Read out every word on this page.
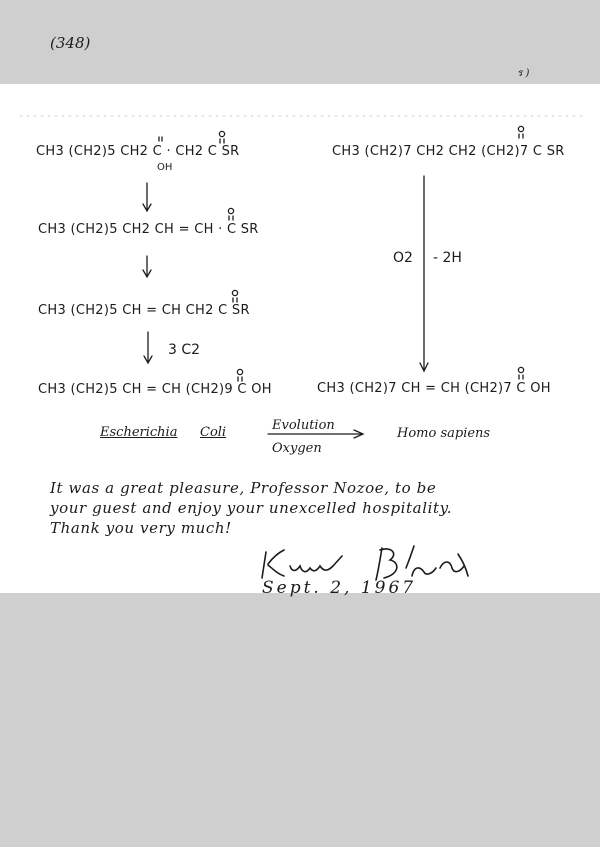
(348)
ร )
CH3 (CH2)5 CH2 C · CH2 C SR
OH
CH3 (CH2)5 CH2 CH = CH · C SR
CH3 (CH2)5 CH = CH CH2 C SR
CH3 (CH2)5 CH = CH (CH2)9 C OH
3 C2
CH3 (CH2)7 CH2 CH2 (CH2)7 C SR
CH3 (CH2)7 CH = CH (CH2)7 C OH
O2 - 2H
Escherichia Coli	Evolution
Oxygen
Homo sapiens
It was a great pleasure, Professor Nozoe, to be
your guest and enjoy your unexcelled hospitality.
Thank you very much!
Sept. 2, 1967
